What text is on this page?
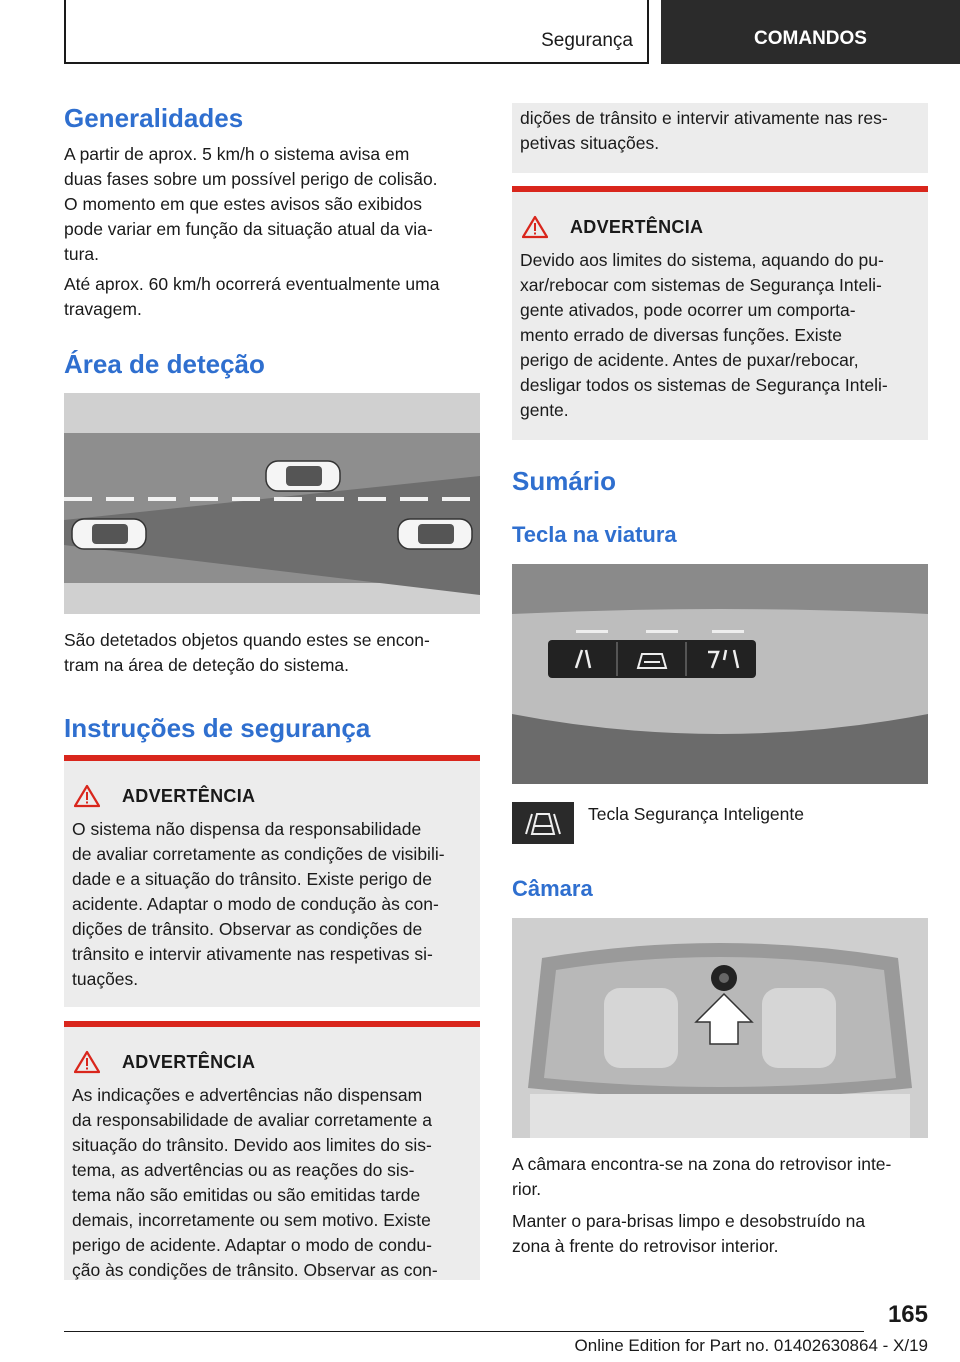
Segurança	COMANDOS
Generalidades

A partir de aprox. 5 km/h o sistema avisa em
duas fases sobre um possível perigo de colisão.
O momento em que estes avisos são exibidos
pode variar em função da situação atual da via-
tura.

Até aprox. 60 km/h ocorrerá eventualmente uma
travagem.

Área de deteção

São detetados objetos quando estes se encon-
tram na área de deteção do sistema.

Instruções de segurança
ADVERTÊNCIA

O sistema não dispensa da responsabilidade
de avaliar corretamente as condições de visibili-
dade e a situação do trânsito. Existe perigo de
acidente. Adaptar o modo de condução às con-
dições de trânsito. Observar as condições de
trânsito e intervir ativamente nas respetivas si-
tuações.

ADVERTÊNCIA

As indicações e advertências não dispensam
da responsabilidade de avaliar corretamente a
situação do trânsito. Devido aos limites do sis-
tema, as advertências ou as reações do sis-
tema não são emitidas ou são emitidas tarde
demais, incorretamente ou sem motivo. Existe
perigo de acidente. Adaptar o modo de condu-
ção às condições de trânsito. Observar as con-

dições de trânsito e intervir ativamente nas res-
petivas situações.

ADVERTÊNCIA

Devido aos limites do sistema, aquando do pu-
xar/rebocar com sistemas de Segurança Inteli-
gente ativados, pode ocorrer um comporta-
mento errado de diversas funções. Existe
perigo de acidente. Antes de puxar/rebocar,
desligar todos os sistemas de Segurança Inteli-
gente.

Sumário
Tecla na viatura

Tecla Segurança Inteligente

Câmara

A câmara encontra-se na zona do retrovisor inte-
rior.

Manter o para-brisas limpo e desobstruído na
zona à frente do retrovisor interior.

165
Online Edition for Part no. 01402630864 - X/19
